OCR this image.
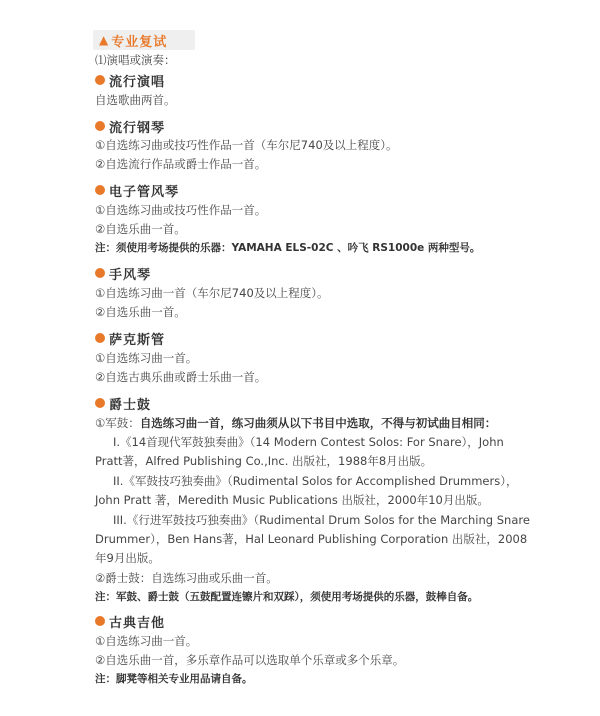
▲ 专业复试
⑴演唱或演奏：
流行演唱
自选歌曲两首。
流行钢琴
①自选练习曲或技巧性作品一首（车尔尼740及以上程度）。
②自选流行作品或爵士作品一首。
电子管风琴
①自选练习曲或技巧性作品一首。
②自选乐曲一首。
注：须使用考场提供的乐器：YAMAHA ELS-02C 、吟飞 RS1000e 两种型号。
手风琴
①自选练习曲一首（车尔尼740及以上程度）。
②自选乐曲一首。
萨克斯管
①自选练习曲一首。
②自选古典乐曲或爵士乐曲一首。
爵士鼓
①军鼓：自选练习曲一首，练习曲须从以下书目中选取，不得与初试曲目相同：
I.《14首现代军鼓独奏曲》（14 Modern Contest Solos: For Snare），John
Pratt著，Alfred Publishing Co.,Inc. 出版社，1988年8月出版。
II.《军鼓技巧独奏曲》（Rudimental Solos for Accomplished Drummers），
John Pratt 著，Meredith Music Publications 出版社，2000年10月出版。
III.《行进军鼓技巧独奏曲》（Rudimental Drum Solos for the Marching Snare
Drummer），Ben Hans著，Hal Leonard Publishing Corporation 出版社，2008
年9月出版。
②爵士鼓：自选练习曲或乐曲一首。
注：军鼓、爵士鼓（五鼓配置连镲片和双踩），须使用考场提供的乐器，鼓棒自备。
古典吉他
①自选练习曲一首。
②自选乐曲一首，多乐章作品可以选取单个乐章或多个乐章。
注：脚凳等相关专业用品请自备。
